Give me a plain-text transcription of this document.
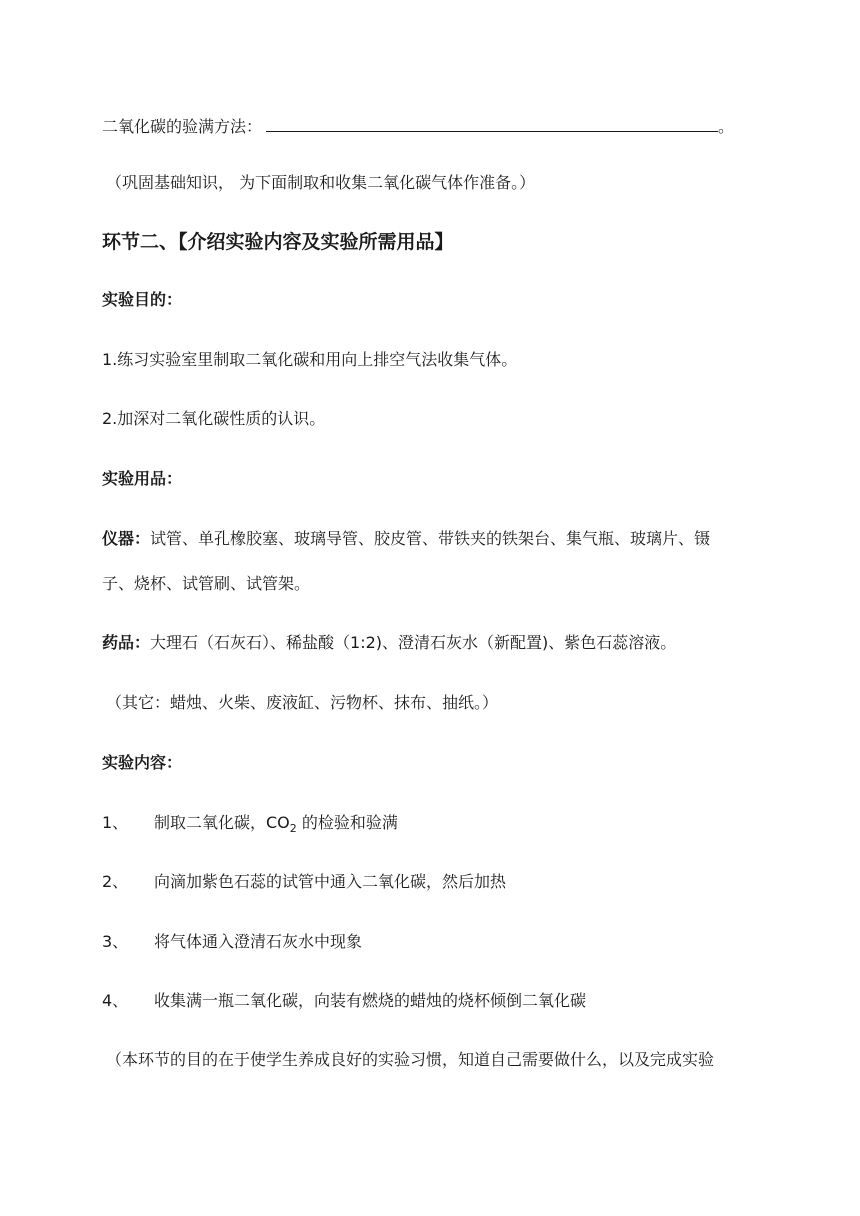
二氧化碳的验满方法：	。
（巩固基础知识， 为下面制取和收集二氧化碳气体作准备。）
环节二、【介绍实验内容及实验所需用品】
实验目的：
1.练习实验室里制取二氧化碳和用向上排空气法收集气体。
2.加深对二氧化碳性质的认识。
实验用品：
仪器：试管、单孔橡胶塞、玻璃导管、胶皮管、带铁夹的铁架台、集气瓶、玻璃片、镊
子、烧杯、试管刷、试管架。
药品：大理石（石灰石）、稀盐酸（1:2)、澄清石灰水（新配置)、紫色石蕊溶液。
（其它：蜡烛、火柴、废液缸、污物杯、抹布、抽纸。）
实验内容：
1、 制取二氧化碳，$CO_2$ 的检验和验满
2、 向滴加紫色石蕊的试管中通入二氧化碳，然后加热
3、 将气体通入澄清石灰水中现象
4、 收集满一瓶二氧化碳，向装有燃烧的蜡烛的烧杯倾倒二氧化碳
（本环节的目的在于使学生养成良好的实验习惯，知道自己需要做什么，以及完成实验
